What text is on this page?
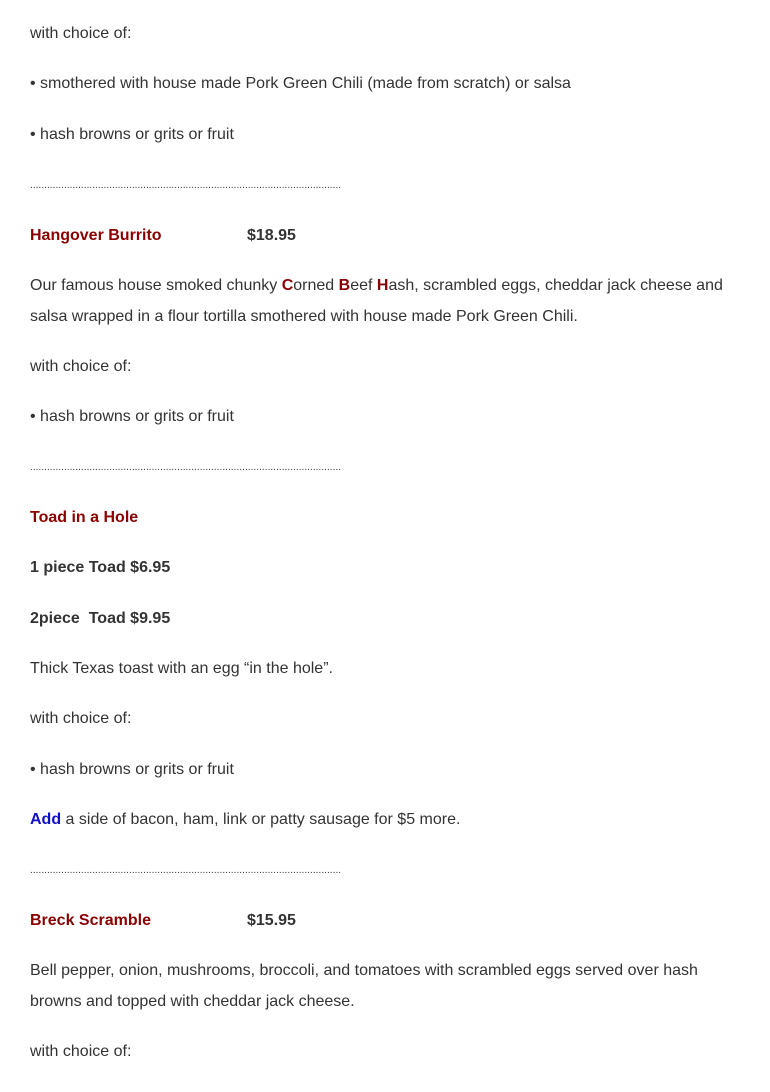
with choice of:
• smothered with house made Pork Green Chili (made from scratch) or salsa
• hash browns or grits or fruit
..............................................................................................................
Hangover Burrito	$18.95
Our famous house smoked chunky Corned Beef Hash, scrambled eggs, cheddar jack cheese and salsa wrapped in a flour tortilla smothered with house made Pork Green Chili.
with choice of:
• hash browns or grits or fruit
..............................................................................................................
Toad in a Hole
1 piece Toad $6.95
2piece  Toad $9.95
Thick Texas toast with an egg “in the hole”.
with choice of:
• hash browns or grits or fruit
Add a side of bacon, ham, link or patty sausage for $5 more.
..............................................................................................................
Breck Scramble	$15.95
Bell pepper, onion, mushrooms, broccoli, and tomatoes with scrambled eggs served over hash browns and topped with cheddar jack cheese.
with choice of:
